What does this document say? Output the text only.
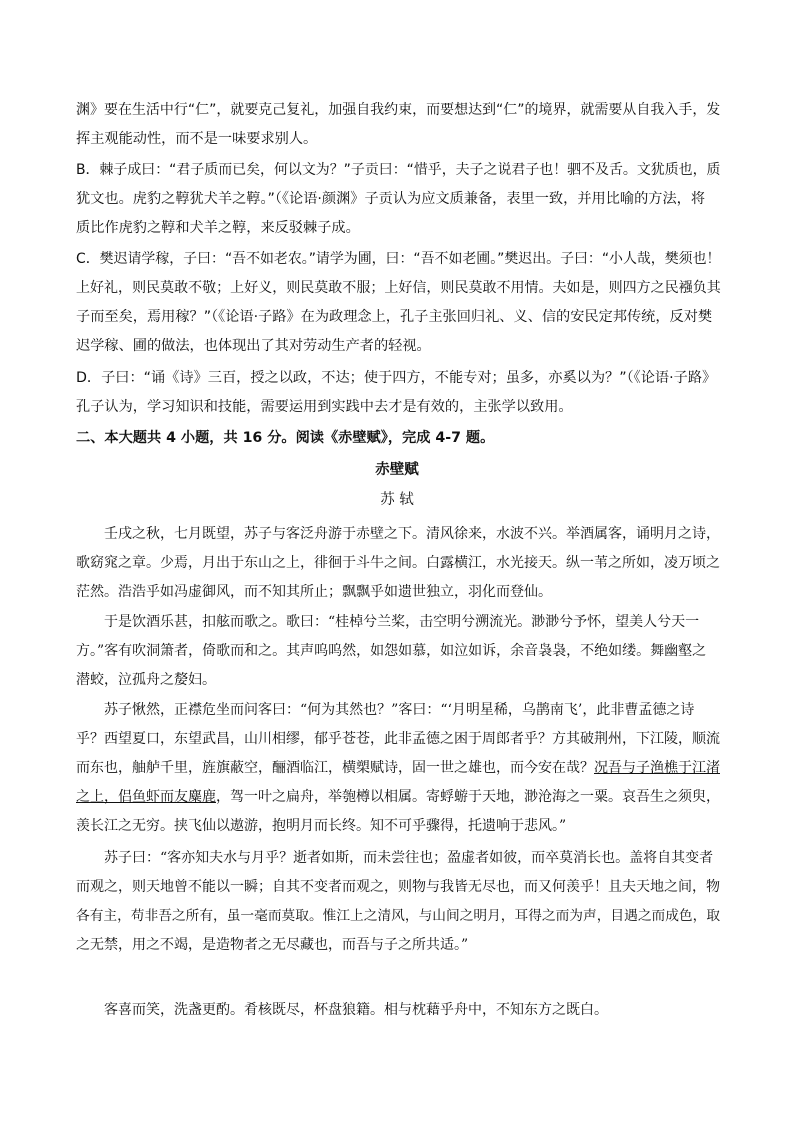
渊》要在生活中行“仁”，就要克己复礼，加强自我约束，而要想达到“仁”的境界，就需要从自我入手，发
挥主观能动性，而不是一味要求别人。
B．棘子成曰：“君子质而已矣，何以文为？”子贡曰：“惜乎，夫子之说君子也！驷不及舌。文犹质也，质
犹文也。虎豹之鞟犹犬羊之鞟。”（《论语·颜渊》子贡认为应文质兼备，表里一致，并用比喻的方法，将
质比作虎豹之鞟和犬羊之鞟，来反驳棘子成。
C．樊迟请学稼，子曰：“吾不如老农。”请学为圃，曰：“吾不如老圃。”樊迟出。子曰：“小人哉，樊须也！
上好礼，则民莫敢不敬；上好义，则民莫敢不服；上好信，则民莫敢不用情。夫如是，则四方之民襁负其
子而至矣，焉用稼？”（《论语·子路》在为政理念上，孔子主张回归礼、义、信的安民定邦传统，反对樊
迟学稼、圃的做法，也体现出了其对劳动生产者的轻视。
D．子曰：“诵《诗》三百，授之以政，不达；使于四方，不能专对；虽多，亦奚以为？”（《论语·子路》
孔子认为，学习知识和技能，需要运用到实践中去才是有效的，主张学以致用。
二、本大题共 4 小题，共 16 分。阅读《赤壁赋》，完成 4-7 题。
赤壁赋
苏 轼
　　壬戌之秋，七月既望，苏子与客泛舟游于赤壁之下。清风徐来，水波不兴。举酒属客，诵明月之诗，
歌窈窕之章。少焉，月出于东山之上，徘徊于斗牛之间。白露横江，水光接天。纵一苇之所如，凌万顷之
茫然。浩浩乎如冯虚御风，而不知其所止；飘飘乎如遗世独立，羽化而登仙。
　　于是饮酒乐甚，扣舷而歌之。歌曰：“桂棹兮兰桨，击空明兮溯流光。渺渺兮予怀，望美人兮天一
方。”客有吹洞箫者，倚歌而和之。其声呜呜然，如怨如慕，如泣如诉，余音袅袅，不绝如缕。舞幽壑之
潜蛟，泣孤舟之嫠妇。
　　苏子愀然，正襟危坐而问客曰：“何为其然也？”客曰：“‘月明星稀，乌鹊南飞’，此非曹孟德之诗
乎？西望夏口，东望武昌，山川相缪，郁乎苍苍，此非孟德之困于周郎者乎？方其破荆州，下江陵，顺流
而东也，舳舻千里，旌旗蔽空，酾酒临江，横槊赋诗，固一世之雄也，而今安在哉？况吾与子渔樵于江渚
之上，侣鱼虾而友麋鹿，驾一叶之扁舟，举匏樽以相属。寄蜉蝣于天地，渺沧海之一粟。哀吾生之须臾，
羡长江之无穷。挟飞仙以遨游，抱明月而长终。知不可乎骤得，托遗响于悲风。”
　　苏子曰：“客亦知夫水与月乎？逝者如斯，而未尝往也；盈虚者如彼，而卒莫消长也。盖将自其变者
而观之，则天地曾不能以一瞬；自其不变者而观之，则物与我皆无尽也，而又何羡乎！且夫天地之间，物
各有主，苟非吾之所有，虽一毫而莫取。惟江上之清风，与山间之明月，耳得之而为声，目遇之而成色，取
之无禁，用之不竭，是造物者之无尽藏也，而吾与子之所共适。”
　　客喜而笑，洗盏更酌。肴核既尽，杯盘狼籍。相与枕藉乎舟中，不知东方之既白。
